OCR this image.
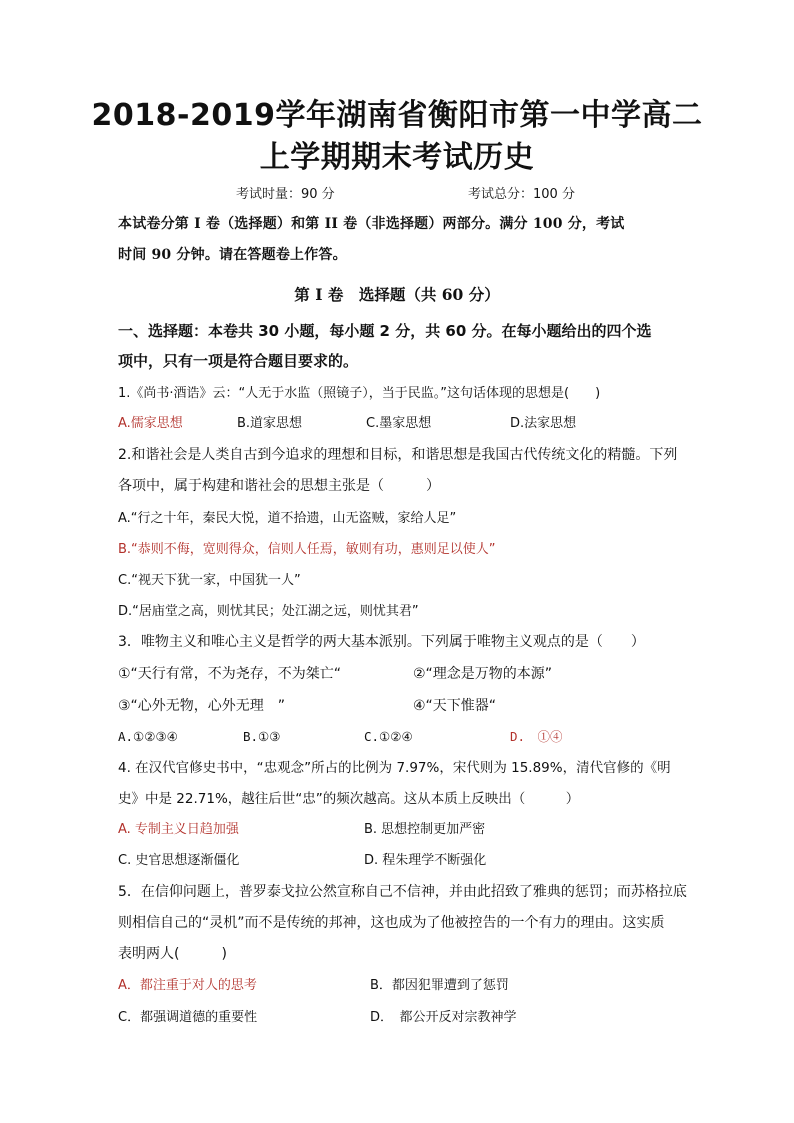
2018-2019学年湖南省衡阳市第一中学高二
上学期期末考试历史
考试时量：90 分	考试总分：100 分
本试卷分第 I 卷（选择题）和第 II 卷（非选择题）两部分。满分 100 分，考试
时间 90 分钟。请在答题卷上作答。
第 I 卷　选择题（共 60 分）
一、选择题：本卷共 30 小题，每小题 2 分，共 60 分。在每小题给出的四个选
项中，只有一项是符合题目要求的。
1.《尚书·酒诰》云：“人无于水监（照镜子），当于民监。”这句话体现的思想是(　　)
A.儒家思想	B.道家思想	C.墨家思想	D.法家思想
2.和谐社会是人类自古到今追求的理想和目标，和谐思想是我国古代传统文化的精髓。下列
各项中，属于构建和谐社会的思想主张是（　　　）
A.“行之十年，秦民大悦，道不拾遗，山无盗贼，家给人足”
B.“恭则不侮，宽则得众，信则人任焉，敏则有功，惠则足以使人”
C.“视天下犹一家，中国犹一人”
D.“居庙堂之高，则忧其民；处江湖之远，则忧其君”
3．唯物主义和唯心主义是哲学的两大基本派别。下列属于唯物主义观点的是（　　）
①“天行有常，不为尧存，不为桀亡“	②“理念是万物的本源”
③“心外无物，心外无理　”	④“天下惟器“
A.①②③④	B.①③	C.①②④	D.　①④
4. 在汉代官修史书中，“忠观念”所占的比例为 7.97%，宋代则为 15.89%，清代官修的《明
史》中是 22.71%，越往后世“忠”的频次越高。这从本质上反映出（　　　）
A. 专制主义日趋加强	B. 思想控制更加严密
C. 史官思想逐渐僵化	D. 程朱理学不断强化
5．在信仰问题上，普罗泰戈拉公然宣称自己不信神，并由此招致了雅典的惩罚；而苏格拉底
则相信自己的“灵机”而不是传统的邦神，这也成为了他被控告的一个有力的理由。这实质
表明两人(　　　)
A．都注重于对人的思考	B．都因犯罪遭到了惩罚
C．都强调道德的重要性	D．　都公开反对宗教神学
